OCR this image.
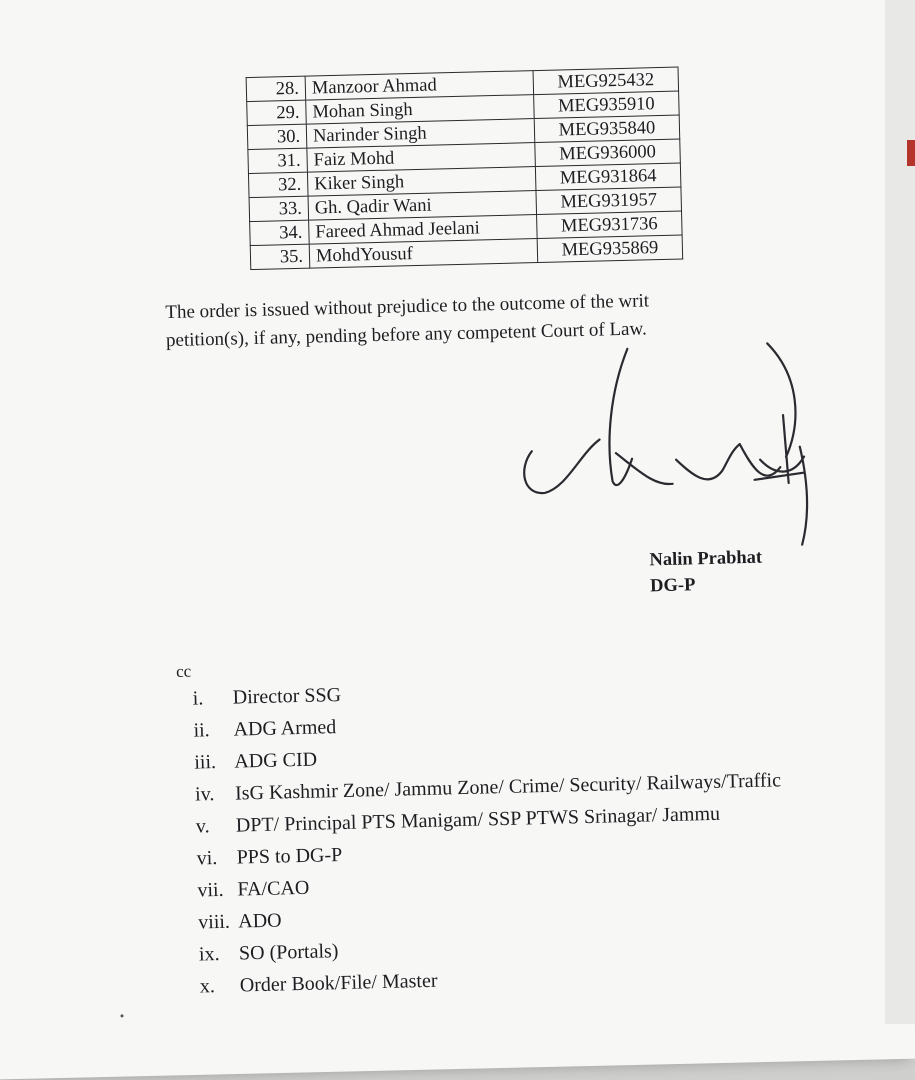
28.	Manzoor Ahmad	MEG925432
29.	Mohan Singh	MEG935910
30.	Narinder Singh	MEG935840
31.	Faiz Mohd	MEG936000
32.	Kiker Singh	MEG931864
33.	Gh. Qadir Wani	MEG931957
34.	Fareed Ahmad Jeelani	MEG931736
35.	MohdYousuf	MEG935869

The order is issued without prejudice to the outcome of the writ
petition(s), if any, pending before any competent Court of Law.

Nalin Prabhat
DG-P
cc
i. Director SSG
ii. ADG Armed
iii. ADG CID
iv. IsG Kashmir Zone/ Jammu Zone/ Crime/ Security/ Railways/Traffic
v. DPT/ Principal PTS Manigam/ SSP PTWS Srinagar/ Jammu
vi. PPS to DG-P
vii. FA/CAO
viii. ADO
ix. SO (Portals)
x. Order Book/File/ Master
